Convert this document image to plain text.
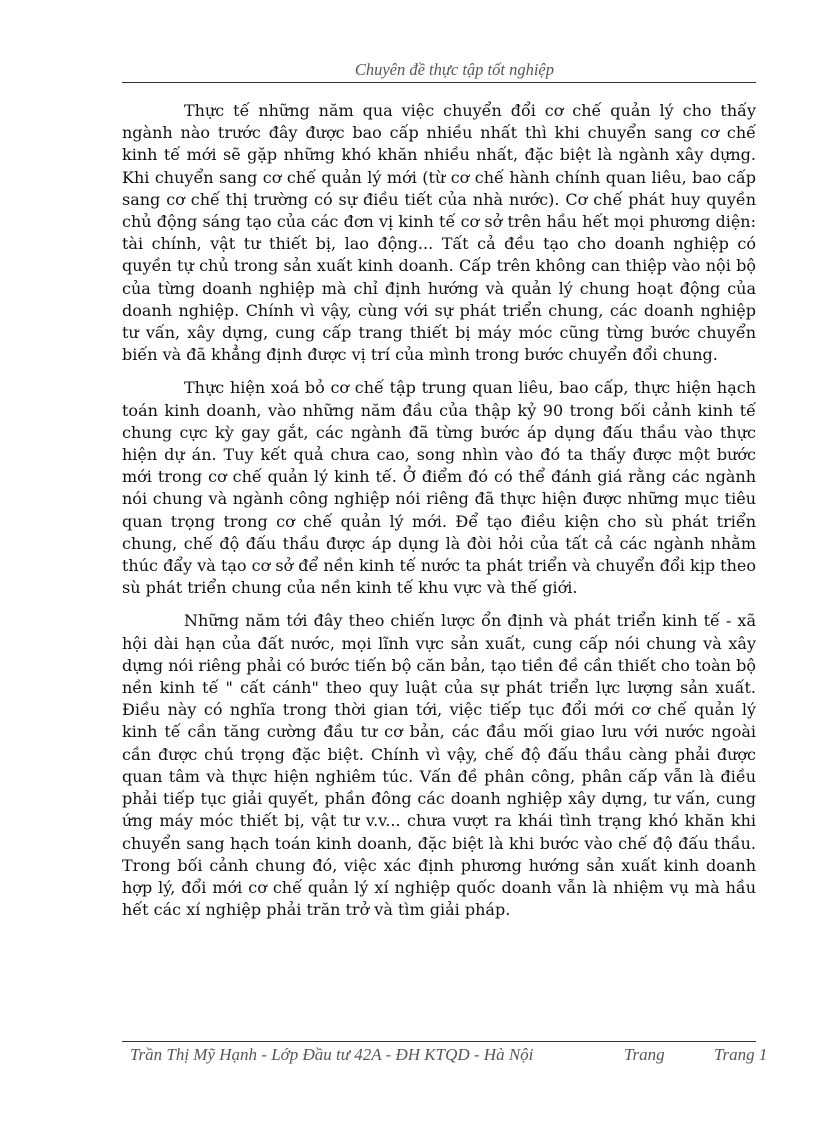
Chuyên đề thực tập tốt nghiệp

Thực tế những năm qua việc chuyển đổi cơ chế quản lý cho thấy ngành nào trước đây được bao cấp nhiều nhất thì khi chuyển sang cơ chế kinh tế mới sẽ gặp những khó khăn nhiều nhất, đặc biệt là ngành xây dựng. Khi chuyển sang cơ chế quản lý mới (từ cơ chế hành chính quan liêu, bao cấp sang cơ chế thị trường có sự điều tiết của nhà nước). Cơ chế phát huy quyền chủ động sáng tạo của các đơn vị kinh tế cơ sở trên hầu hết mọi phương diện: tài chính, vật tư thiết bị, lao động... Tất cả đều tạo cho doanh nghiệp có quyền tự chủ trong sản xuất kinh doanh. Cấp trên không can thiệp vào nội bộ của từng doanh nghiệp mà chỉ định hướng và quản lý chung hoạt động của doanh nghiệp. Chính vì vậy, cùng với sự phát triển chung, các doanh nghiệp tư vấn, xây dựng, cung cấp trang thiết bị máy móc cũng từng bước chuyển biến và đã khẳng định được vị trí của mình trong bước chuyển đổi chung.

Thực hiện xoá bỏ cơ chế tập trung quan liêu, bao cấp, thực hiện hạch toán kinh doanh, vào những năm đầu của thập kỷ 90 trong bối cảnh kinh tế chung cực kỳ gay gắt, các ngành đã từng bước áp dụng đấu thầu vào thực hiện dự án. Tuy kết quả chưa cao, song nhìn vào đó ta thấy được một bước mới trong cơ chế quản lý kinh tế. Ở điểm đó có thể đánh giá rằng các ngành nói chung và ngành công nghiệp nói riêng đã thực hiện được những mục tiêu quan trọng trong cơ chế quản lý mới. Để tạo điều kiện cho sù phát triển chung, chế độ đấu thầu được áp dụng là đòi hỏi của tất cả các ngành nhằm thúc đẩy và tạo cơ sở để nền kinh tế nước ta phát triển và chuyển đổi kịp theo sù phát triển chung của nền kinh tế khu vực và thế giới.

Những năm tới đây theo chiến lược ổn định và phát triển kinh tế - xã hội dài hạn của đất nước, mọi lĩnh vực sản xuất, cung cấp nói chung và xây dựng nói riêng phải có bước tiến bộ căn bản, tạo tiền đề cần thiết cho toàn bộ nền kinh tế " cất cánh" theo quy luật của sự phát triển lực lượng sản xuất. Điều này có nghĩa trong thời gian tới, việc tiếp tục đổi mới cơ chế quản lý kinh tế cần tăng cường đầu tư cơ bản, các đầu mối giao lưu với nước ngoài cần được chú trọng đặc biệt. Chính vì vậy, chế độ đấu thầu càng phải được quan tâm và thực hiện nghiêm túc. Vấn đề phân công, phân cấp vẫn là điều phải tiếp tục giải quyết, phần đông các doanh nghiệp xây dựng, tư vấn, cung ứng máy móc thiết bị, vật tư v.v... chưa vượt ra khái tình trạng khó khăn khi chuyển sang hạch toán kinh doanh, đặc biệt là khi bước vào chế độ đấu thầu. Trong bối cảnh chung đó, việc xác định phương hướng sản xuất kinh doanh hợp lý, đổi mới cơ chế quản lý xí nghiệp quốc doanh vẫn là nhiệm vụ mà hầu hết các xí nghiệp phải trăn trở và tìm giải pháp.

Trần Thị Mỹ Hạnh - Lớp Đầu tư 42A - ĐH KTQD - Hà Nội	Trang	Trang 1
